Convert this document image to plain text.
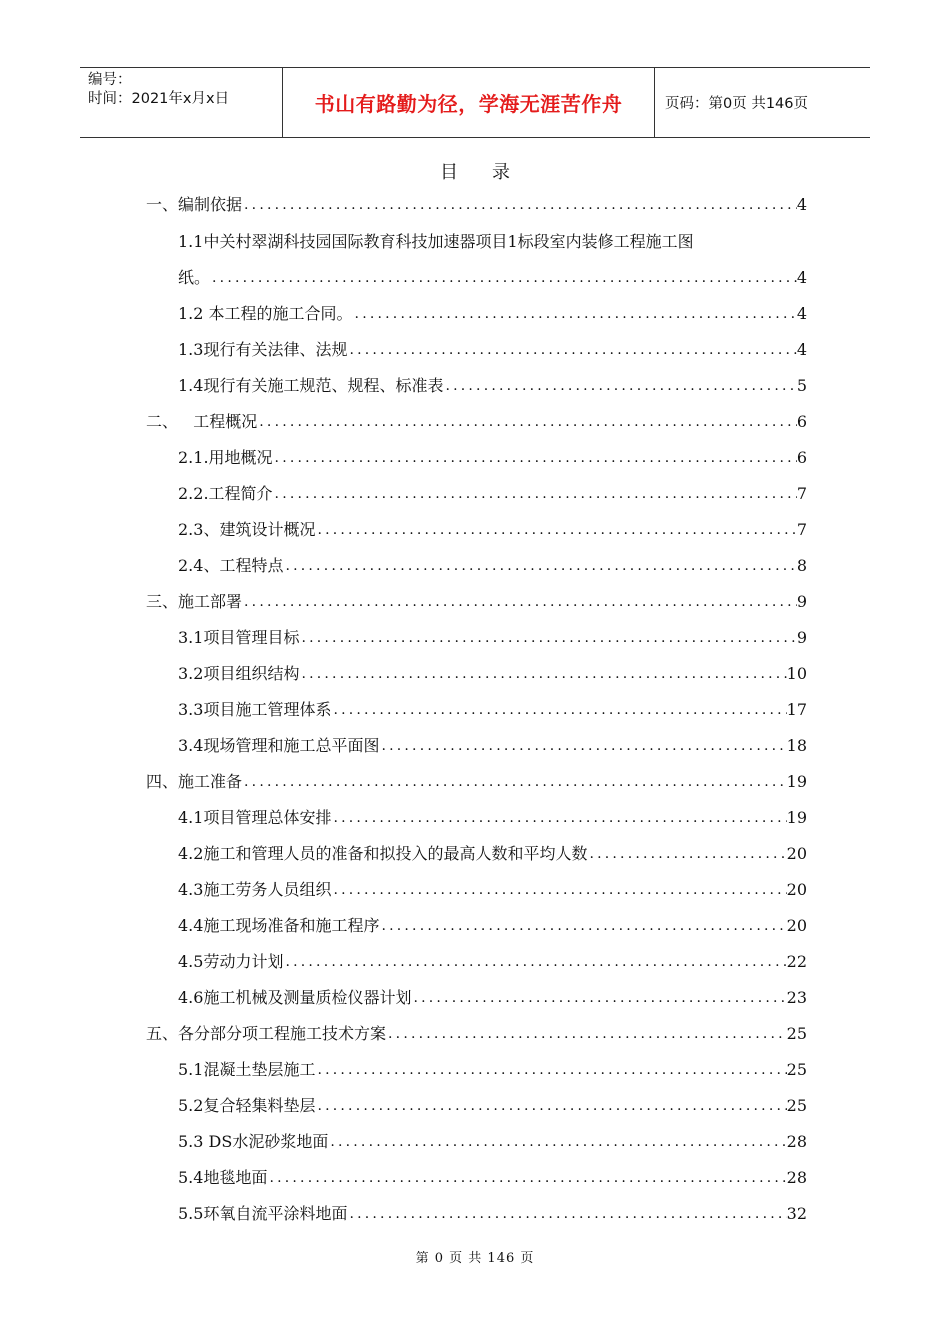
编号：
时间：2021年x月x日	书山有路勤为径，学海无涯苦作舟	页码：第0页 共146页
目录
一、编制依据 .....	4
1.1中关村翠湖科技园国际教育科技加速器项目1标段室内装修工程施工图
纸。 .....	4
1.2 本工程的施工合同。 .....	4
1.3现行有关法律、法规 .....	4
1.4现行有关施工规范、规程、标准表 .....	5
二、   工程概况 .....	6
2.1.用地概况 .....	6
2.2.工程简介 .....	7
2.3、建筑设计概况 .....	7
2.4、工程特点 .....	8
三、施工部署 .....	9
3.1项目管理目标 .....	9
3.2项目组织结构 .....	10
3.3项目施工管理体系 .....	17
3.4现场管理和施工总平面图 .....	18
四、施工准备 .....	19
4.1项目管理总体安排 .....	19
4.2施工和管理人员的准备和拟投入的最高人数和平均人数 .....	20
4.3施工劳务人员组织 .....	20
4.4施工现场准备和施工程序 .....	20
4.5劳动力计划 .....	22
4.6施工机械及测量质检仪器计划 .....	23
五、各分部分项工程施工技术方案 .....	25
5.1混凝土垫层施工 .....	25
5.2复合轻集料垫层 .....	25
5.3 DS水泥砂浆地面 .....	28
5.4地毯地面 .....	28
5.5环氧自流平涂料地面 .....	32
第 0 页 共 146 页
